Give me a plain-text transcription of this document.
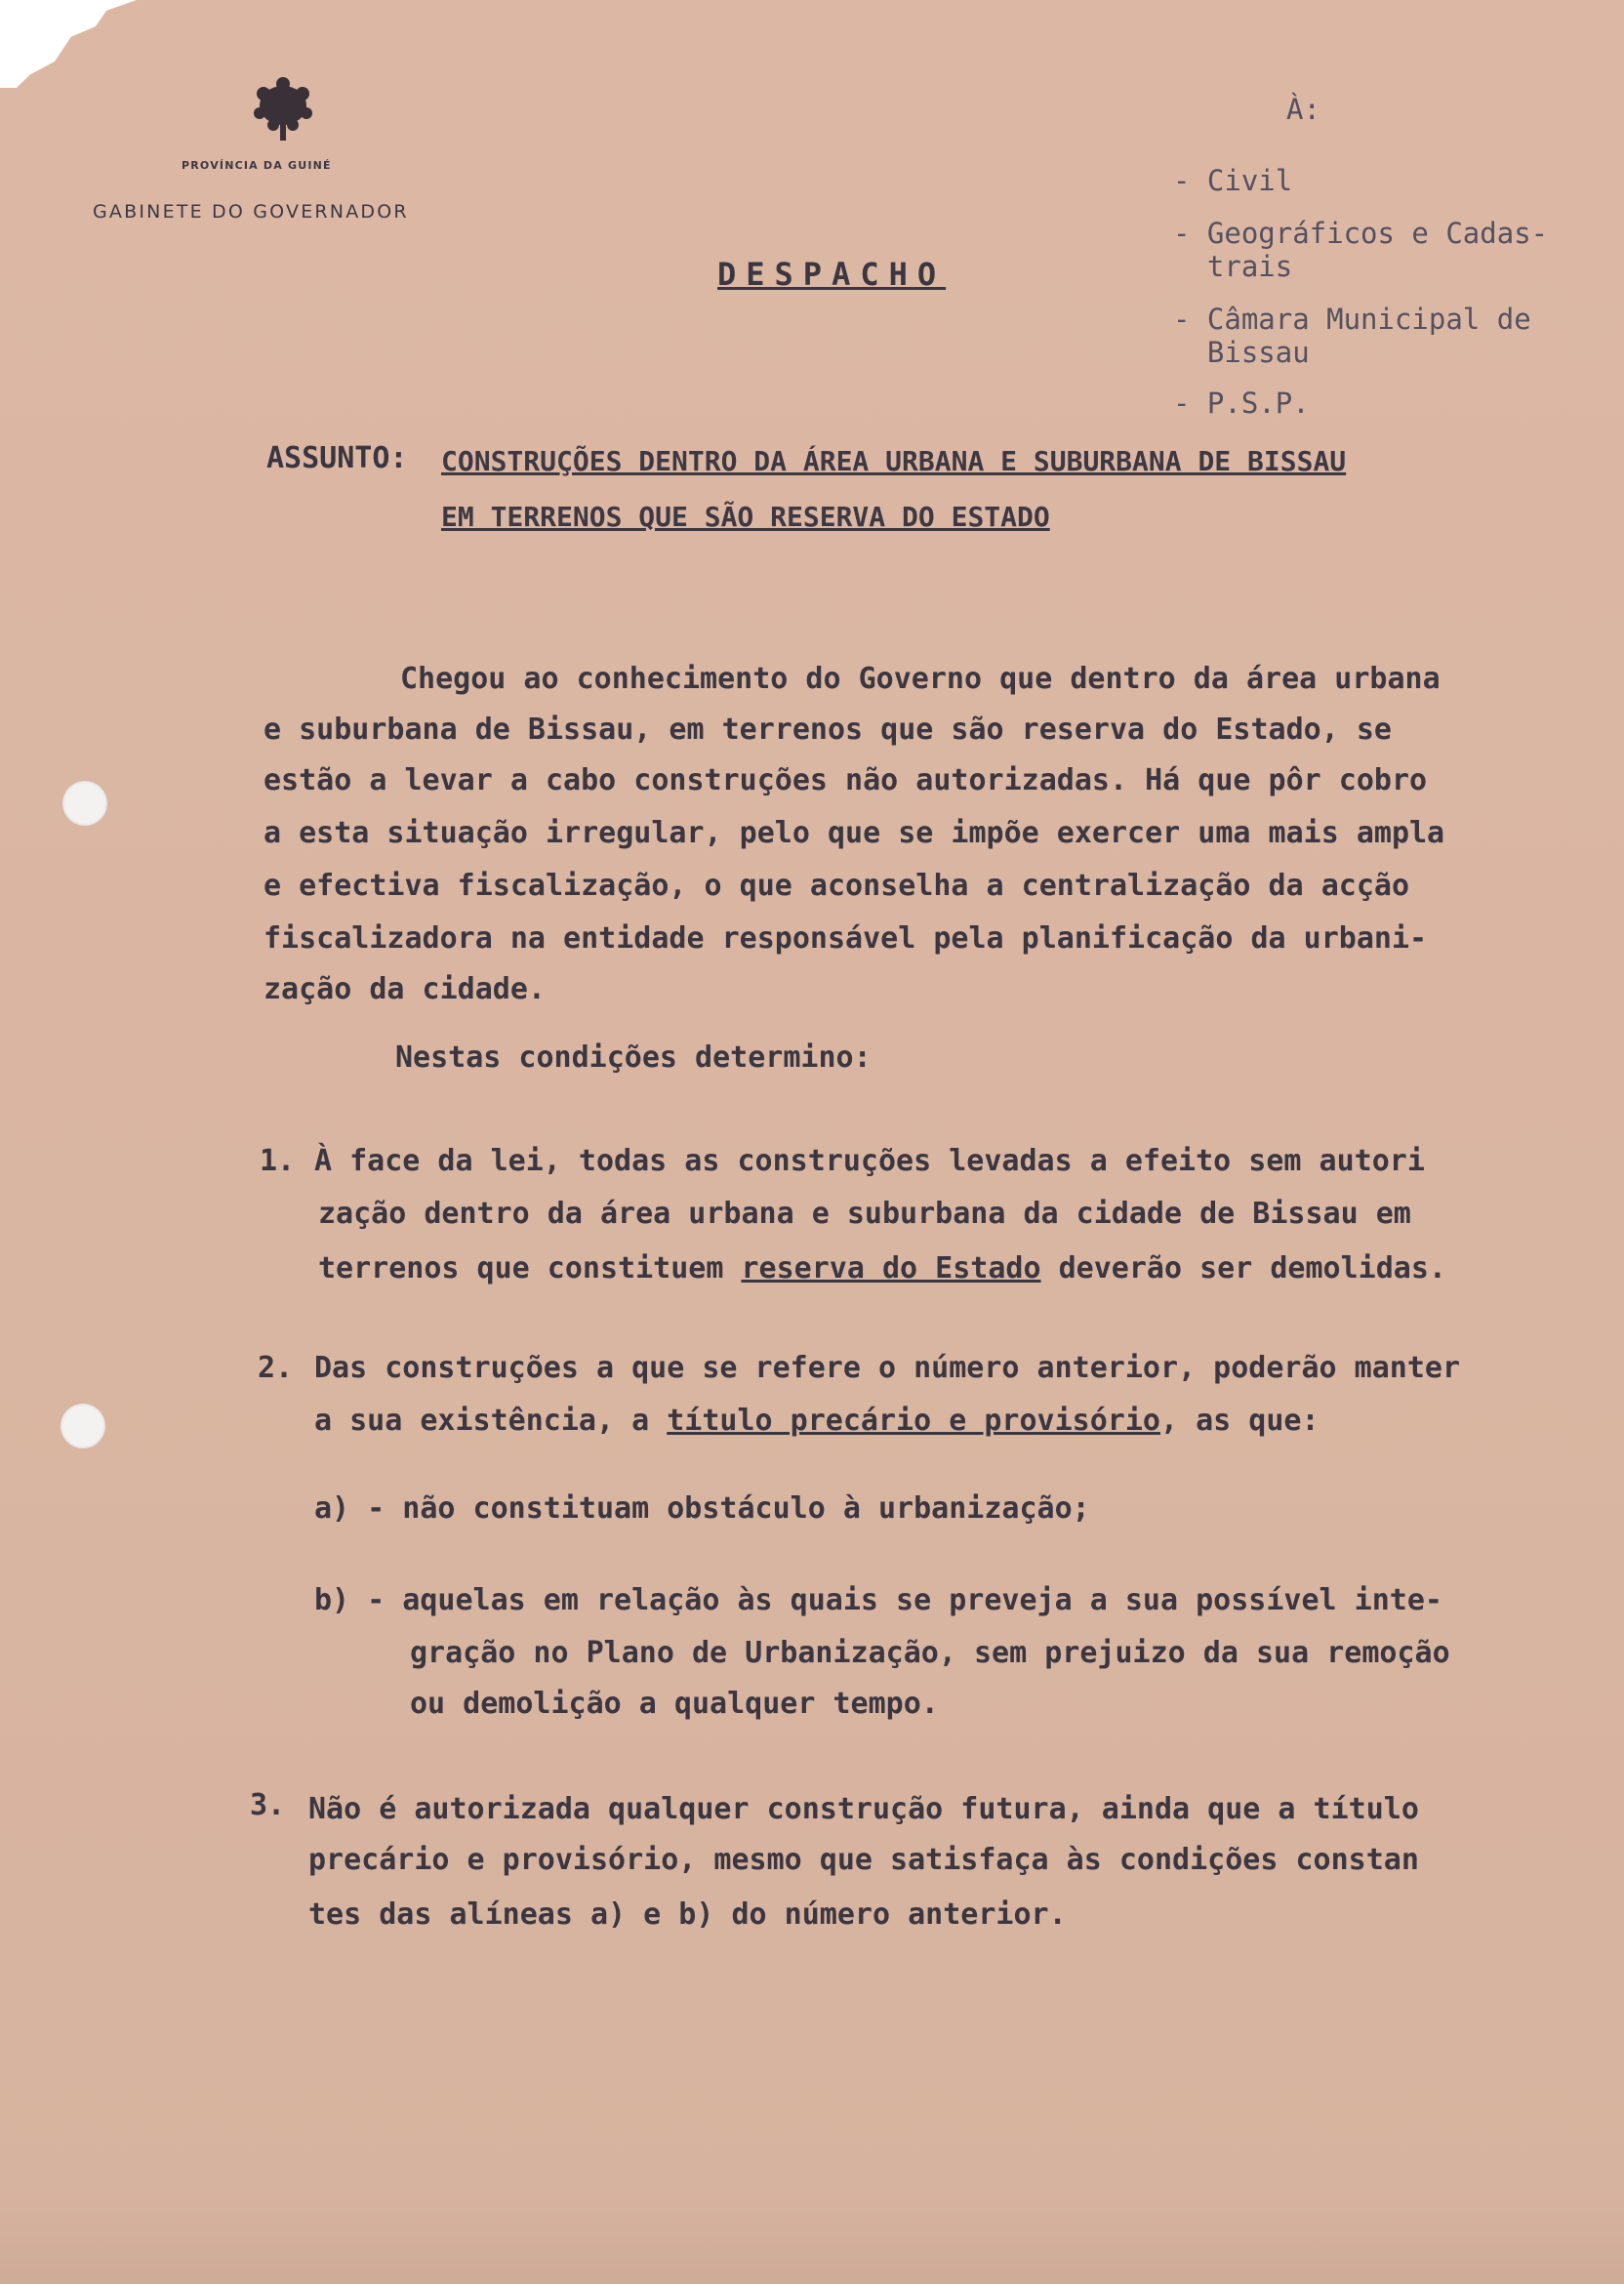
PROVÍNCIA DA GUINÉ
GABINETE DO GOVERNADOR
À:
- Civil
- Geográficos e Cadas-
trais
- Câmara Municipal de
Bissau
- P.S.P.
DESPACHO
ASSUNTO: CONSTRUÇÕES DENTRO DA ÁREA URBANA E SUBURBANA DE BISSAU
EM TERRENOS QUE SÃO RESERVA DO ESTADO
Chegou ao conhecimento do Governo que dentro da área urbana
e suburbana de Bissau, em terrenos que são reserva do Estado, se
estão a levar a cabo construções não autorizadas. Há que pôr cobro
a esta situação irregular, pelo que se impõe exercer uma mais ampla
e efectiva fiscalização, o que aconselha a centralização da acção
fiscalizadora na entidade responsável pela planificação da urbani-
zação da cidade.
Nestas condições determino:
1. À face da lei, todas as construções levadas a efeito sem autori
zação dentro da área urbana e suburbana da cidade de Bissau em
terrenos que constituem reserva do Estado deverão ser demolidas.
2. Das construções a que se refere o número anterior, poderão manter
a sua existência, a título precário e provisório, as que:
a) - não constituam obstáculo à urbanização;
b) - aquelas em relação às quais se preveja a sua possível inte-
gração no Plano de Urbanização, sem prejuizo da sua remoção
ou demolição a qualquer tempo.
3. Não é autorizada qualquer construção futura, ainda que a título
precário e provisório, mesmo que satisfaça às condições constan
tes das alíneas a) e b) do número anterior.
